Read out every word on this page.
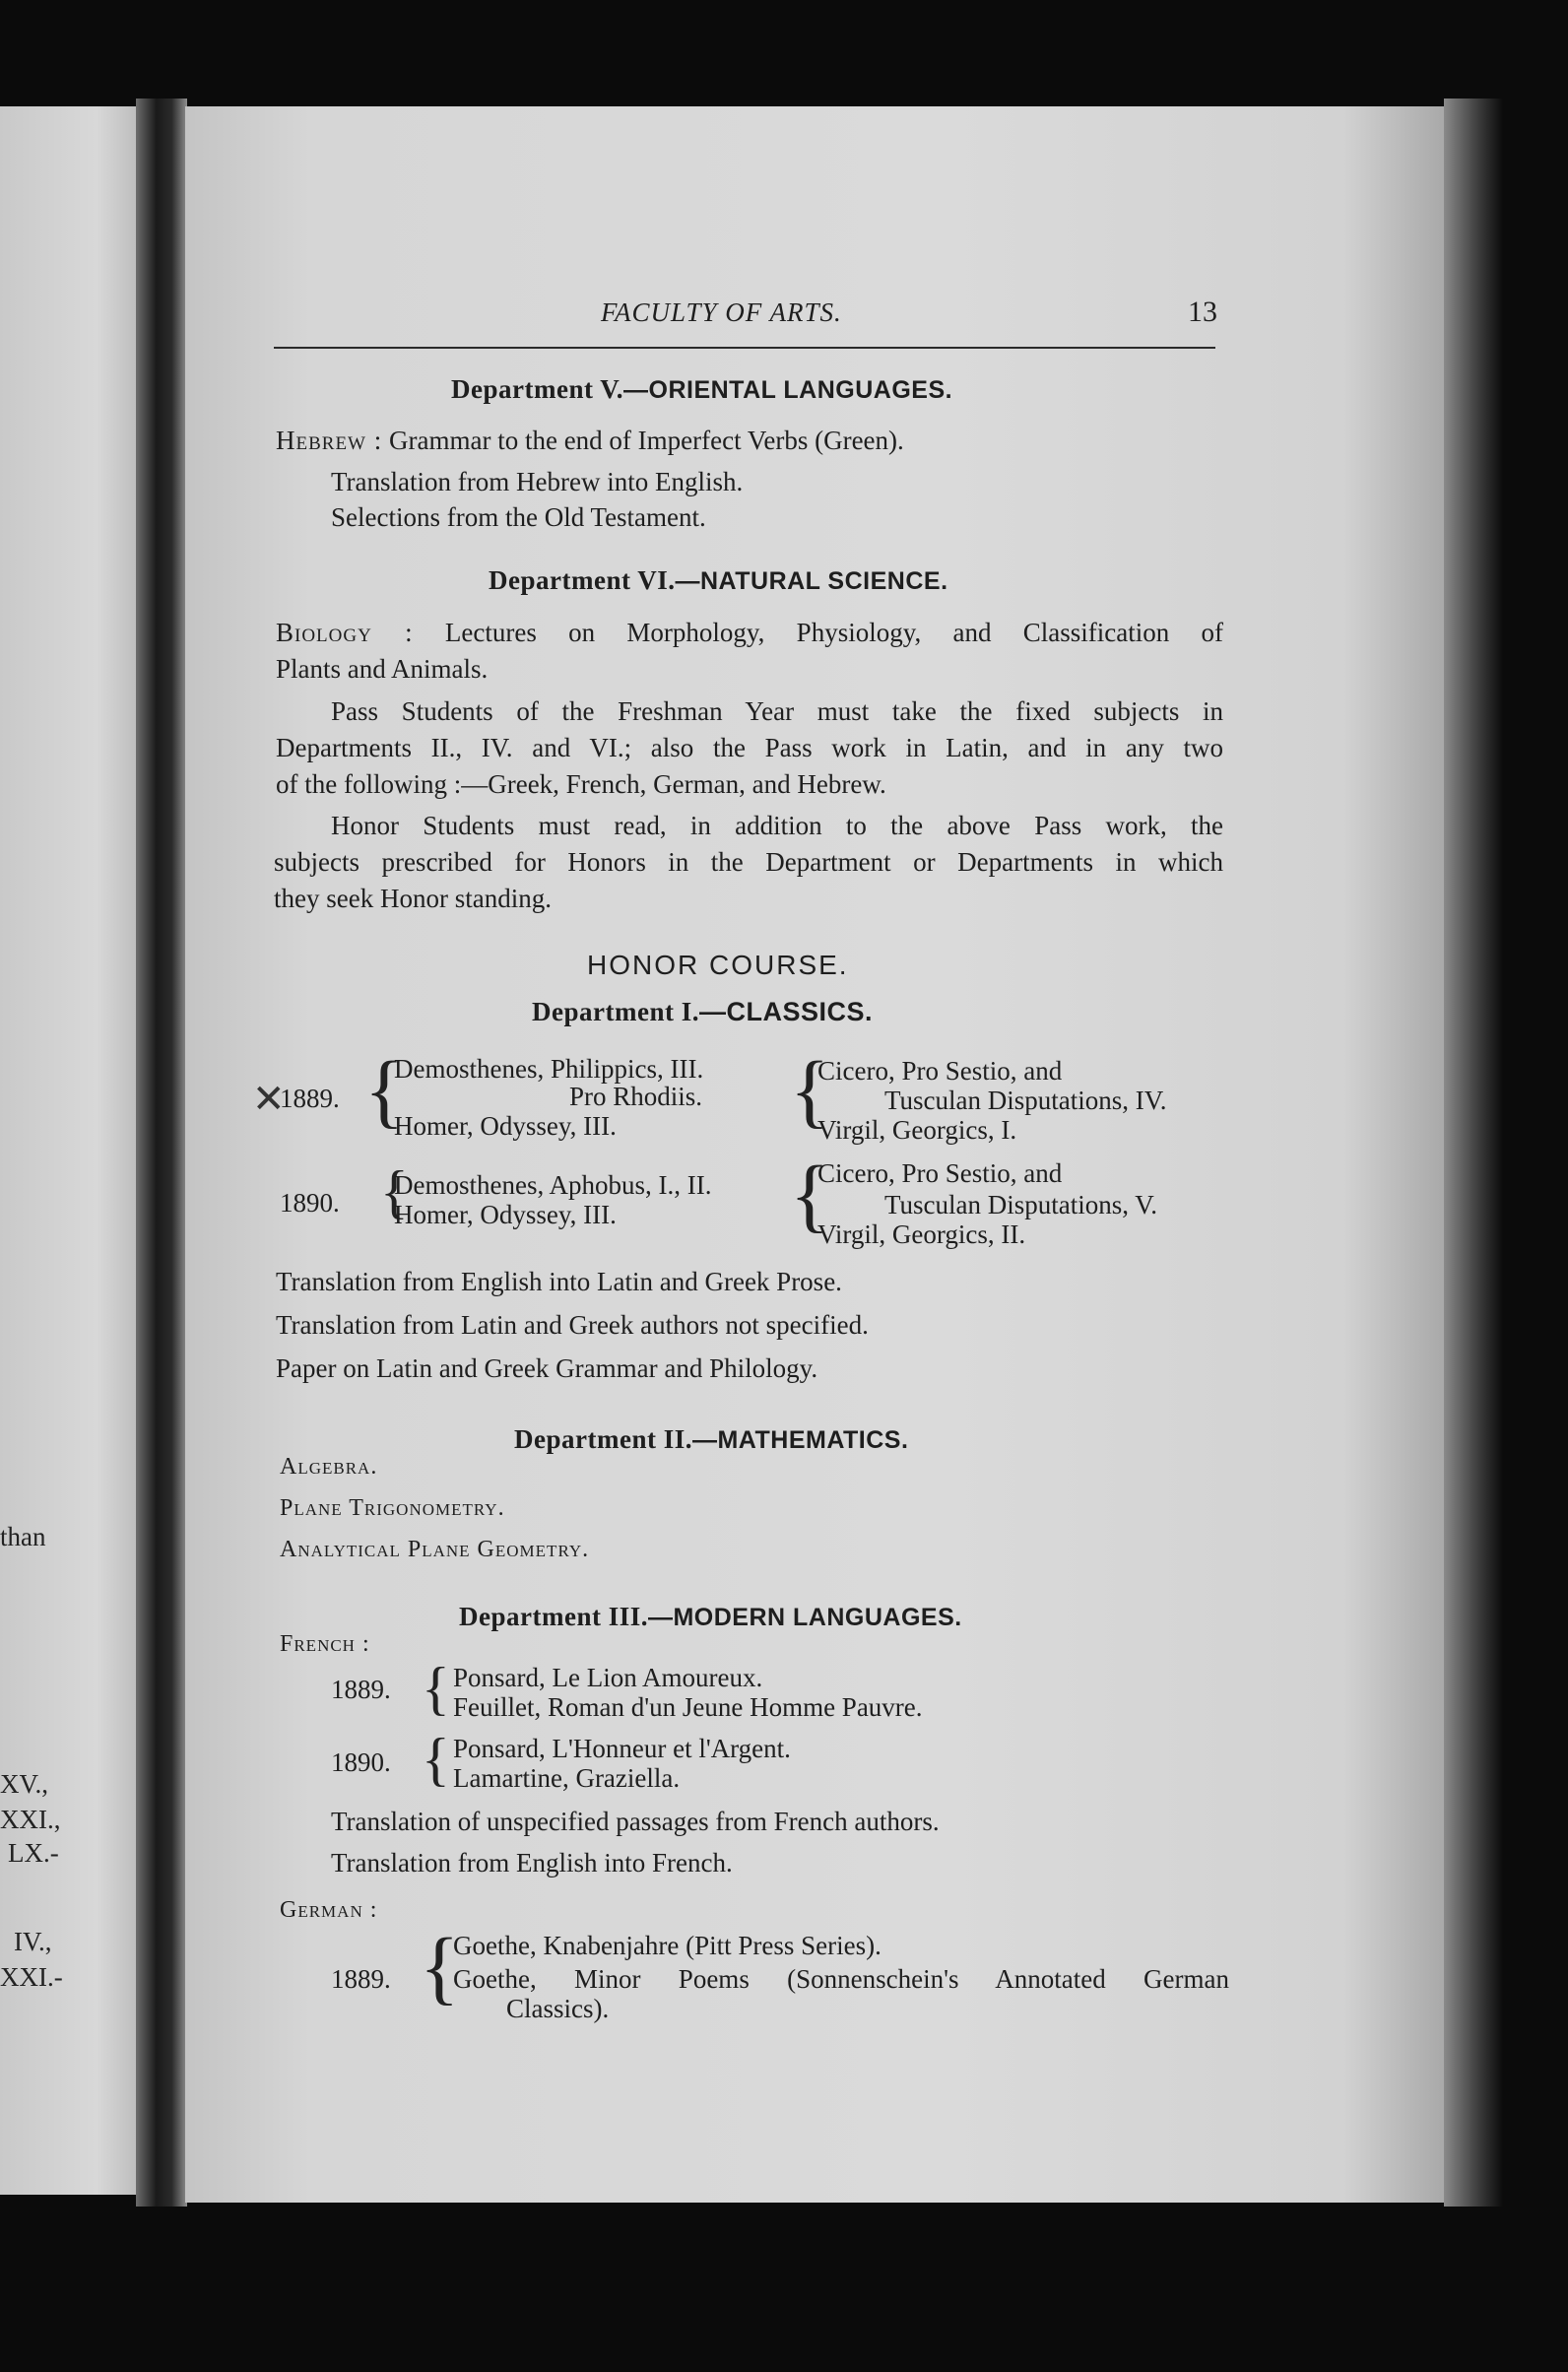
than
XV.,
XXI.,
LX.-
IV.,
XXI.-
FACULTY OF ARTS.	13
Department V.—ORIENTAL LANGUAGES.
Hebrew : Grammar to the end of Imperfect Verbs (Green).
Translation from Hebrew into English.
Selections from the Old Testament.
Department VI.—NATURAL SCIENCE.
Biology : Lectures on Morphology, Physiology, and Classification of
Plants and Animals.
Pass Students of the Freshman Year must take the fixed subjects in
Departments II., IV. and VI.; also the Pass work in Latin, and in any two
of the following :—Greek, French, German, and Hebrew.
Honor Students must read, in addition to the above Pass work, the
subjects prescribed for Honors in the Department or Departments in which
they seek Honor standing.
HONOR COURSE.
Department I.—CLASSICS.
✕
1889. {
Demosthenes, Philippics, III.
Pro Rhodiis.
Homer, Odyssey, III. {
Cicero, Pro Sestio, and
Tusculan Disputations, IV.
Virgil, Georgics, I.
1890. {
Demosthenes, Aphobus, I., II.
Homer, Odyssey, III. {
Cicero, Pro Sestio, and
Tusculan Disputations, V.
Virgil, Georgics, II.
Translation from English into Latin and Greek Prose.
Translation from Latin and Greek authors not specified.
Paper on Latin and Greek Grammar and Philology.
Department II.—MATHEMATICS.
Algebra.
Plane Trigonometry.
Analytical Plane Geometry.
Department III.—MODERN LANGUAGES.
French :
1889. { Ponsard, Le Lion Amoureux.
Feuillet, Roman d'un Jeune Homme Pauvre.
1890. { Ponsard, L'Honneur et l'Argent.
Lamartine, Graziella.
Translation of unspecified passages from French authors.
Translation from English into French.
German :
1889. {
Goethe, Knabenjahre (Pitt Press Series).
Goethe, Minor Poems (Sonnenschein's Annotated German
Classics).
